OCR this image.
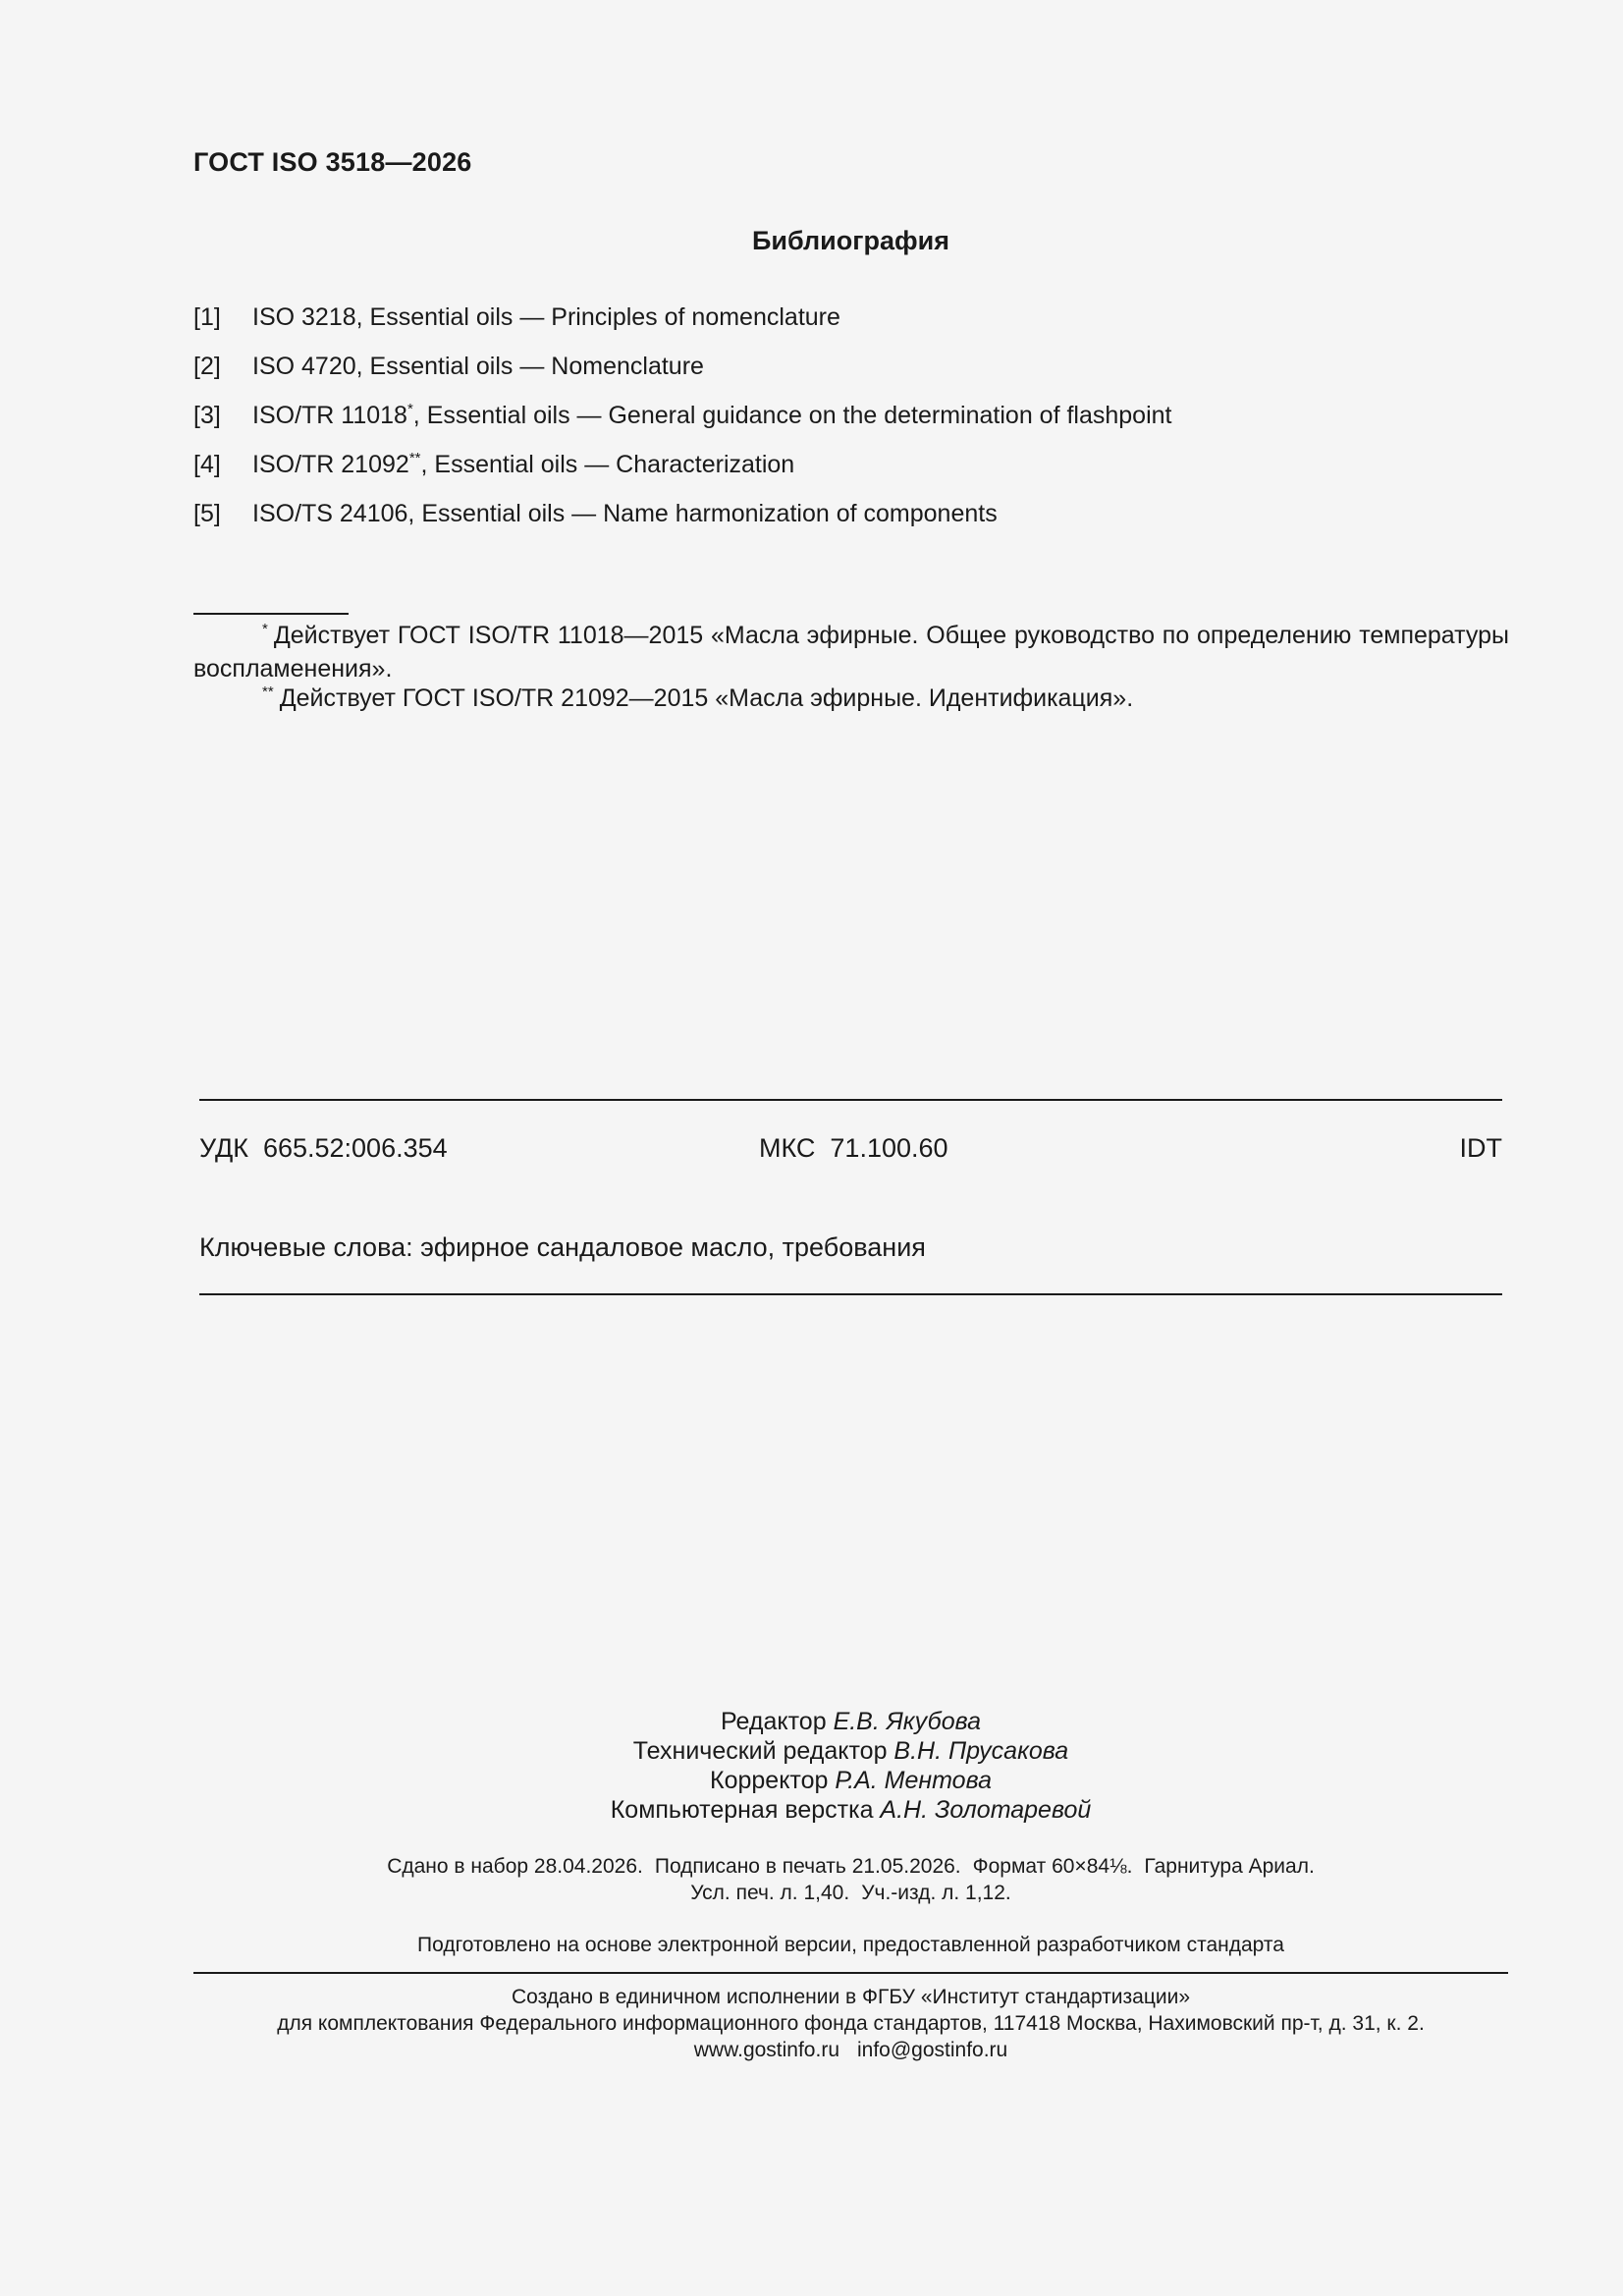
ГОСТ ISO 3518—2026
Библиография
[1] ISO 3218, Essential oils — Principles of nomenclature
[2] ISO 4720, Essential oils — Nomenclature
[3] ISO/TR 11018*, Essential oils — General guidance on the determination of flashpoint
[4] ISO/TR 21092**, Essential oils — Characterization
[5] ISO/TS 24106, Essential oils — Name harmonization of components
* Действует ГОСТ ISO/TR 11018—2015 «Масла эфирные. Общее руководство по определению температуры воспламенения».
** Действует ГОСТ ISO/TR 21092—2015 «Масла эфирные. Идентификация».
УДК  665.52:006.354	МКС  71.100.60	IDT
Ключевые слова: эфирное сандаловое масло, требования
Редактор Е.В. Якубова
Технический редактор В.Н. Прусакова
Корректор Р.А. Ментова
Компьютерная верстка А.Н. Золотаревой
Сдано в набор 28.04.2026. Подписано в печать 21.05.2026. Формат 60×84⅛. Гарнитура Ариал.
Усл. печ. л. 1,40. Уч.-изд. л. 1,12.
Подготовлено на основе электронной версии, предоставленной разработчиком стандарта
Создано в единичном исполнении в ФГБУ «Институт стандартизации»
для комплектования Федерального информационного фонда стандартов, 117418 Москва, Нахимовский пр-т, д. 31, к. 2.
www.gostinfo.ru info@gostinfo.ru
